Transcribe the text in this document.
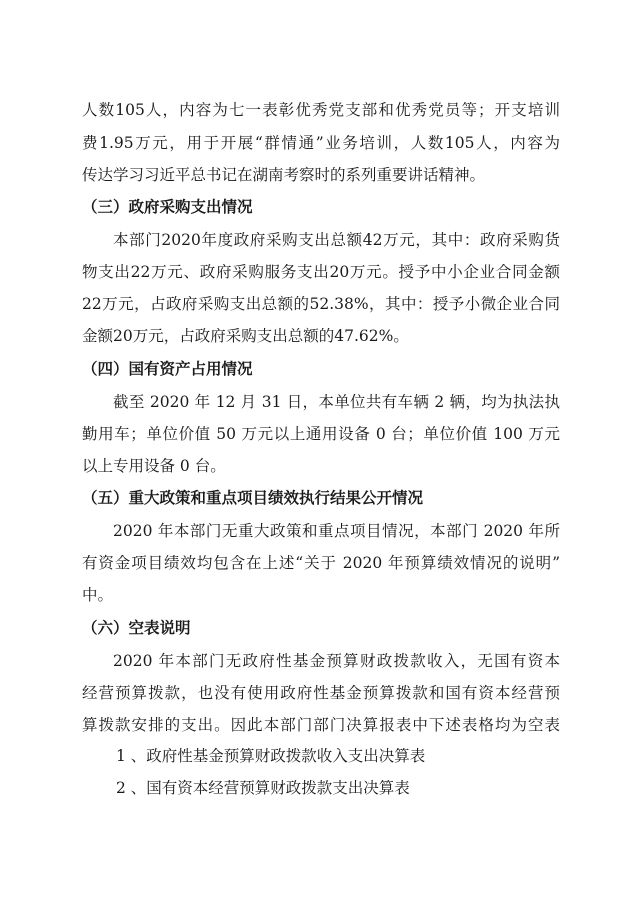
人数105人，内容为七一表彰优秀党支部和优秀党员等；开支培训
费1.95万元，用于开展“群情通”业务培训，人数105人，内容为
传达学习习近平总书记在湖南考察时的系列重要讲话精神。
（三）政府采购支出情况
本部门2020年度政府采购支出总额42万元，其中：政府采购货
物支出22万元、政府采购服务支出20万元。授予中小企业合同金额
22万元，占政府采购支出总额的52.38%，其中：授予小微企业合同
金额20万元，占政府采购支出总额的47.62%。
（四）国有资产占用情况
截至 2020 年 12 月 31 日，本单位共有车辆 2 辆，均为执法执
勤用车；单位价值 50 万元以上通用设备 0 台；单位价值 100 万元
以上专用设备 0 台。
（五）重大政策和重点项目绩效执行结果公开情况
2020 年本部门无重大政策和重点项目情况，本部门 2020 年所
有资金项目绩效均包含在上述“关于 2020 年预算绩效情况的说明”
中。
（六）空表说明
2020 年本部门无政府性基金预算财政拨款收入，无国有资本
经营预算拨款，也没有使用政府性基金预算拨款和国有资本经营预
算拨款安排的支出。因此本部门部门决算报表中下述表格均为空表
1 、政府性基金预算财政拨款收入支出决算表
2 、国有资本经营预算财政拨款支出决算表
